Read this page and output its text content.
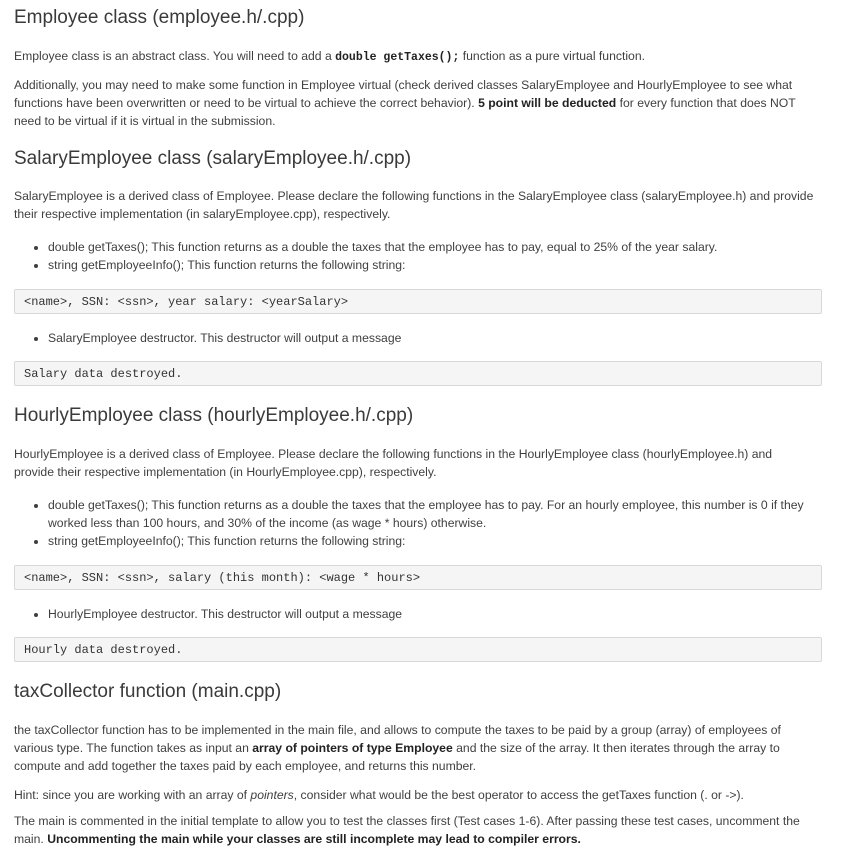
Employee class (employee.h/.cpp)

Employee class is an abstract class. You will need to add a double getTaxes(); function as a pure virtual function.

Additionally, you may need to make some function in Employee virtual (check derived classes SalaryEmployee and HourlyEmployee to see what functions have been overwritten or need to be virtual to achieve the correct behavior). 5 point will be deducted for every function that does NOT need to be virtual if it is virtual in the submission.

SalaryEmployee class (salaryEmployee.h/.cpp)

SalaryEmployee is a derived class of Employee. Please declare the following functions in the SalaryEmployee class (salaryEmployee.h) and provide their respective implementation (in salaryEmployee.cpp), respectively.

• double getTaxes(); This function returns as a double the taxes that the employee has to pay, equal to 25% of the year salary.
• string getEmployeeInfo(); This function returns the following string:
<name>, SSN: <ssn>, year salary: <yearSalary>
• SalaryEmployee destructor. This destructor will output a message
Salary data destroyed.
HourlyEmployee class (hourlyEmployee.h/.cpp)

HourlyEmployee is a derived class of Employee. Please declare the following functions in the HourlyEmployee class (hourlyEmployee.h) and provide their respective implementation (in HourlyEmployee.cpp), respectively.

• double getTaxes(); This function returns as a double the taxes that the employee has to pay. For an hourly employee, this number is 0 if they worked less than 100 hours, and 30% of the income (as wage * hours) otherwise.
• string getEmployeeInfo(); This function returns the following string:
<name>, SSN: <ssn>, salary (this month): <wage * hours>
• HourlyEmployee destructor. This destructor will output a message
Hourly data destroyed.
taxCollector function (main.cpp)

the taxCollector function has to be implemented in the main file, and allows to compute the taxes to be paid by a group (array) of employees of various type. The function takes as input an array of pointers of type Employee and the size of the array. It then iterates through the array to compute and add together the taxes paid by each employee, and returns this number.

Hint: since you are working with an array of pointers, consider what would be the best operator to access the getTaxes function (. or ->).

The main is commented in the initial template to allow you to test the classes first (Test cases 1-6). After passing these test cases, uncomment the main. Uncommenting the main while your classes are still incomplete may lead to compiler errors.
